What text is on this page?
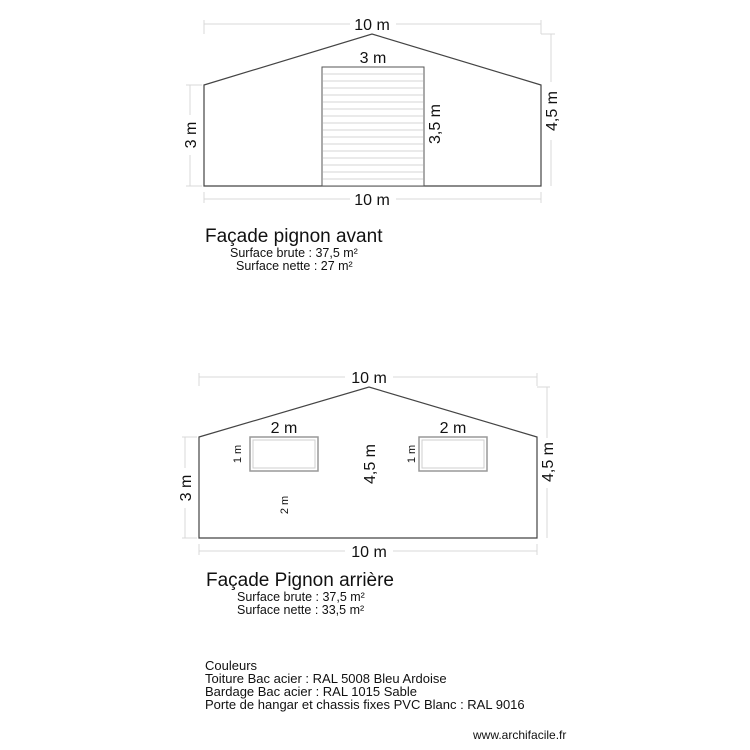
10 m
10 m
3 m
3 m	3,5 m	4,5 m
10 m
10 m
2 m	2 m
1 m	1 m
2 m
3 m
4,5 m	4,5 m
Façade pignon avant
Surface brute : 37,5 m²
Surface nette : 27 m²
Façade Pignon arrière
Surface brute : 37,5 m²
Surface nette : 33,5 m²
Couleurs
Toiture Bac acier : RAL 5008 Bleu Ardoise
Bardage Bac acier : RAL 1015 Sable
Porte de hangar et chassis fixes PVC Blanc : RAL 9016
www.archifacile.fr
